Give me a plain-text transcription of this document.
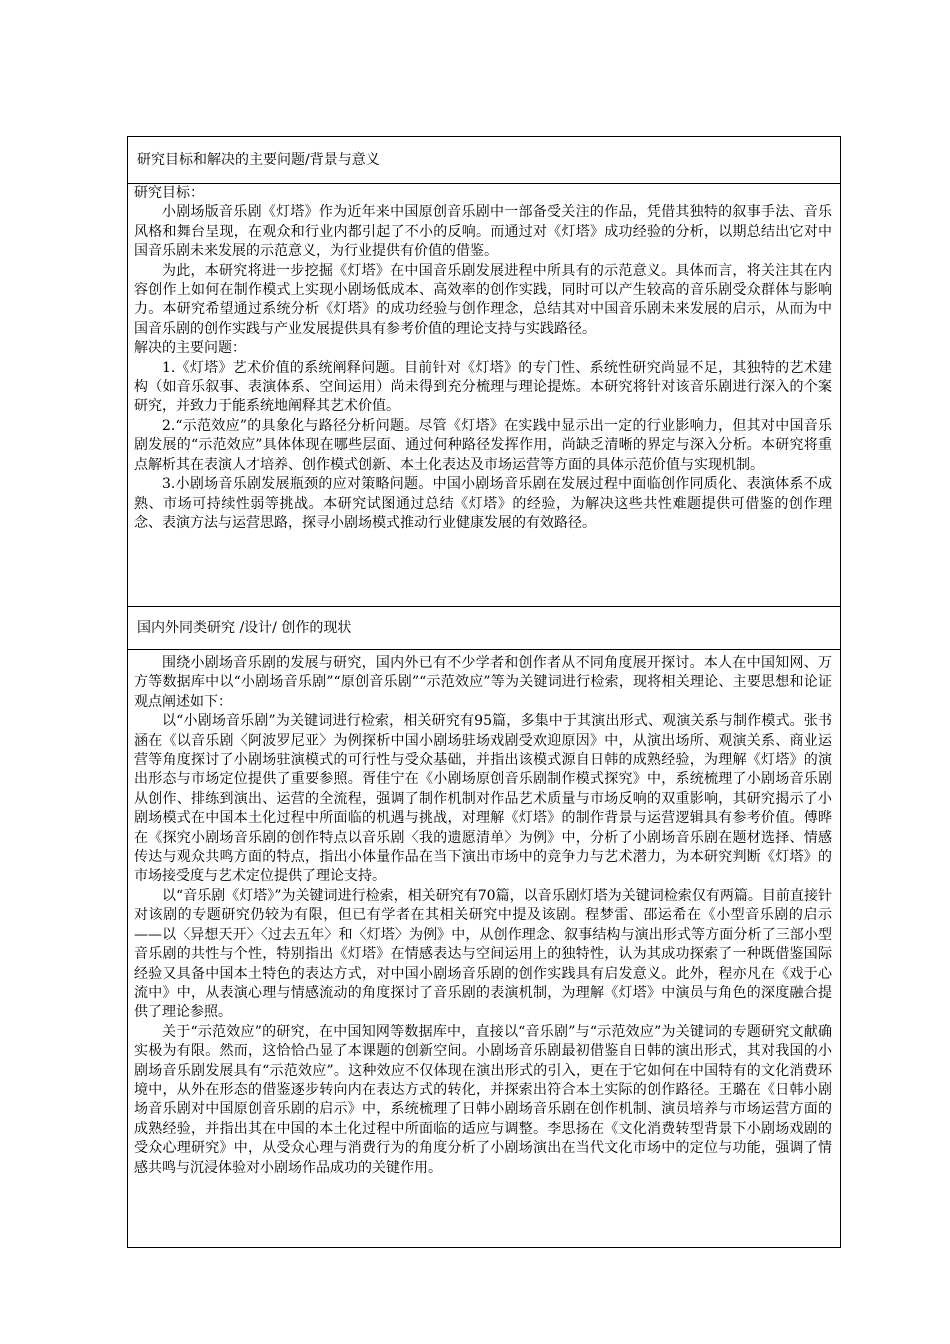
研究目标和解决的主要问题/背景与意义

研究目标：

小剧场版音乐剧《灯塔》作为近年来中国原创音乐剧中一部备受关注的作品，凭借其独特的叙事手法、音乐风格和舞台呈现，在观众和行业内都引起了不小的反响。而通过对《灯塔》成功经验的分析，以期总结出它对中国音乐剧未来发展的示范意义，为行业提供有价值的借鉴。

为此，本研究将进一步挖掘《灯塔》在中国音乐剧发展进程中所具有的示范意义。具体而言，将关注其在内容创作上如何在制作模式上实现小剧场低成本、高效率的创作实践，同时可以产生较高的音乐剧受众群体与影响力。本研究希望通过系统分析《灯塔》的成功经验与创作理念，总结其对中国音乐剧未来发展的启示，从而为中国音乐剧的创作实践与产业发展提供具有参考价值的理论支持与实践路径。

解决的主要问题：

1.《灯塔》艺术价值的系统阐释问题。目前针对《灯塔》的专门性、系统性研究尚显不足，其独特的艺术建构（如音乐叙事、表演体系、空间运用）尚未得到充分梳理与理论提炼。本研究将针对该音乐剧进行深入的个案研究，并致力于能系统地阐释其艺术价值。

2.“示范效应”的具象化与路径分析问题。尽管《灯塔》在实践中显示出一定的行业影响力，但其对中国音乐剧发展的“示范效应”具体体现在哪些层面、通过何种路径发挥作用，尚缺乏清晰的界定与深入分析。本研究将重点解析其在表演人才培养、创作模式创新、本土化表达及市场运营等方面的具体示范价值与实现机制。

3.小剧场音乐剧发展瓶颈的应对策略问题。中国小剧场音乐剧在发展过程中面临创作同质化、表演体系不成熟、市场可持续性弱等挑战。本研究试图通过总结《灯塔》的经验，为解决这些共性难题提供可借鉴的创作理念、表演方法与运营思路，探寻小剧场模式推动行业健康发展的有效路径。

国内外同类研究 /设计/ 创作的现状

围绕小剧场音乐剧的发展与研究，国内外已有不少学者和创作者从不同角度展开探讨。本人在中国知网、万方等数据库中以“小剧场音乐剧”“原创音乐剧”“示范效应”等为关键词进行检索，现将相关理论、主要思想和论证观点阐述如下：

以“小剧场音乐剧”为关键词进行检索，相关研究有95篇，多集中于其演出形式、观演关系与制作模式。张书涵在《以音乐剧〈阿波罗尼亚〉为例探析中国小剧场驻场戏剧受欢迎原因》中，从演出场所、观演关系、商业运营等角度探讨了小剧场驻演模式的可行性与受众基础，并指出该模式源自日韩的成熟经验，为理解《灯塔》的演出形态与市场定位提供了重要参照。胥佳宁在《小剧场原创音乐剧制作模式探究》中，系统梳理了小剧场音乐剧从创作、排练到演出、运营的全流程，强调了制作机制对作品艺术质量与市场反响的双重影响，其研究揭示了小剧场模式在中国本土化过程中所面临的机遇与挑战，对理解《灯塔》的制作背景与运营逻辑具有参考价值。傅晔在《探究小剧场音乐剧的创作特点以音乐剧〈我的遗愿清单〉为例》中，分析了小剧场音乐剧在题材选择、情感传达与观众共鸣方面的特点，指出小体量作品在当下演出市场中的竞争力与艺术潜力，为本研究判断《灯塔》的市场接受度与艺术定位提供了理论支持。

以“音乐剧《灯塔》”为关键词进行检索，相关研究有70篇，以音乐剧灯塔为关键词检索仅有两篇。目前直接针对该剧的专题研究仍较为有限，但已有学者在其相关研究中提及该剧。程梦雷、邵运希在《小型音乐剧的启示——以〈异想天开〉〈过去五年〉和〈灯塔〉为例》中，从创作理念、叙事结构与演出形式等方面分析了三部小型音乐剧的共性与个性，特别指出《灯塔》在情感表达与空间运用上的独特性，认为其成功探索了一种既借鉴国际经验又具备中国本土特色的表达方式，对中国小剧场音乐剧的创作实践具有启发意义。此外，程亦凡在《戏于心流中》中，从表演心理与情感流动的角度探讨了音乐剧的表演机制，为理解《灯塔》中演员与角色的深度融合提供了理论参照。

关于“示范效应”的研究，在中国知网等数据库中，直接以“音乐剧”与“示范效应”为关键词的专题研究文献确实极为有限。然而，这恰恰凸显了本课题的创新空间。小剧场音乐剧最初借鉴自日韩的演出形式，其对我国的小剧场音乐剧发展具有“示范效应”。这种效应不仅体现在演出形式的引入，更在于它如何在中国特有的文化消费环境中，从外在形态的借鉴逐步转向内在表达方式的转化，并探索出符合本土实际的创作路径。王璐在《日韩小剧场音乐剧对中国原创音乐剧的启示》中，系统梳理了日韩小剧场音乐剧在创作机制、演员培养与市场运营方面的成熟经验，并指出其在中国的本土化过程中所面临的适应与调整。李思扬在《文化消费转型背景下小剧场戏剧的受众心理研究》中，从受众心理与消费行为的角度分析了小剧场演出在当代文化市场中的定位与功能，强调了情感共鸣与沉浸体验对小剧场作品成功的关键作用。
